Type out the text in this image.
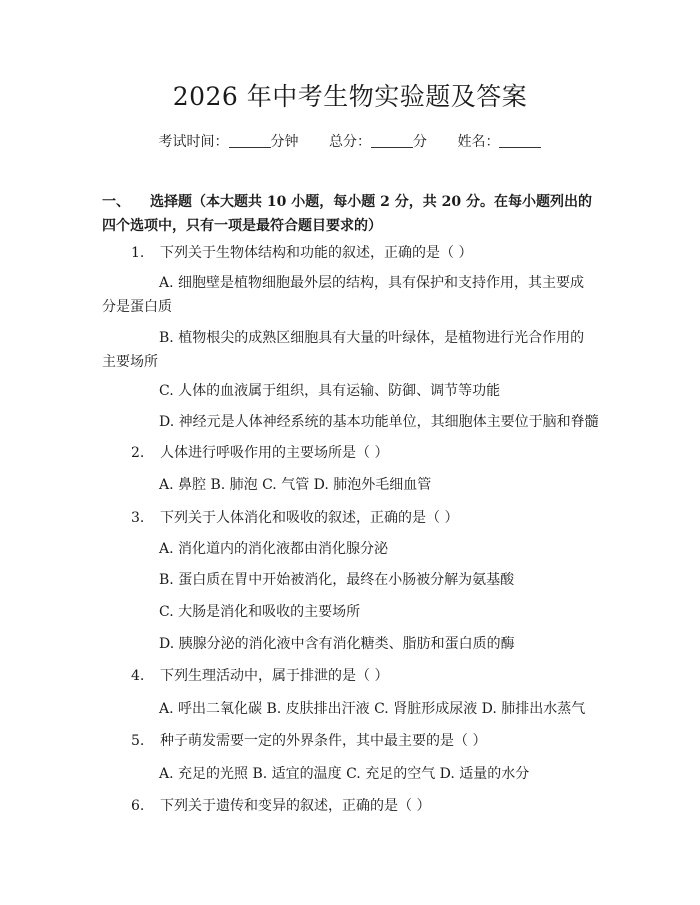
2026 年中考生物实验题及答案
考试时间：	分钟 总分：	分 姓名：
一、 选择题（本大题共 10 小题，每小题 2 分，共 20 分。在每小题列出的四个选项中，只有一项是最符合题目要求的）
1. 下列关于生物体结构和功能的叙述，正确的是（ ）
A. 细胞壁是植物细胞最外层的结构，具有保护和支持作用，其主要成分是蛋白质
B. 植物根尖的成熟区细胞具有大量的叶绿体，是植物进行光合作用的主要场所
C. 人体的血液属于组织，具有运输、防御、调节等功能
D. 神经元是人体神经系统的基本功能单位，其细胞体主要位于脑和脊髓
2. 人体进行呼吸作用的主要场所是（ ）
A. 鼻腔 B. 肺泡 C. 气管 D. 肺泡外毛细血管
3. 下列关于人体消化和吸收的叙述，正确的是（ ）
A. 消化道内的消化液都由消化腺分泌
B. 蛋白质在胃中开始被消化，最终在小肠被分解为氨基酸
C. 大肠是消化和吸收的主要场所
D. 胰腺分泌的消化液中含有消化糖类、脂肪和蛋白质的酶
4. 下列生理活动中，属于排泄的是（ ）
A. 呼出二氧化碳 B. 皮肤排出汗液 C. 肾脏形成尿液 D. 肺排出水蒸气
5. 种子萌发需要一定的外界条件，其中最主要的是（ ）
A. 充足的光照 B. 适宜的温度 C. 充足的空气 D. 适量的水分
6. 下列关于遗传和变异的叙述，正确的是（ ）
